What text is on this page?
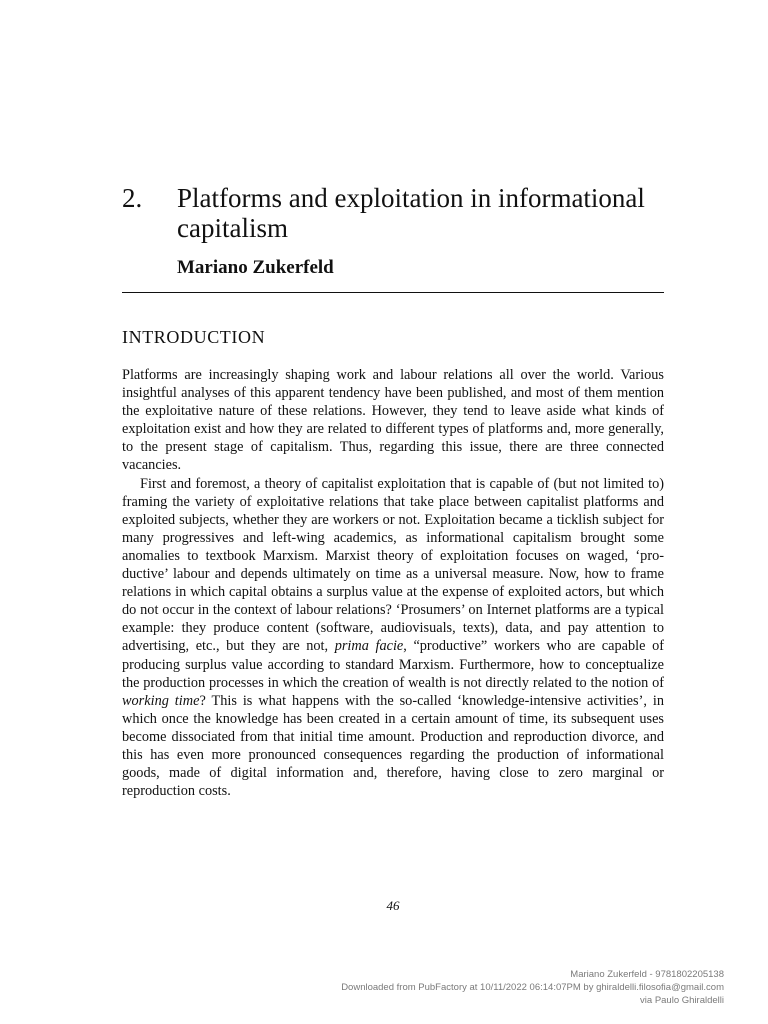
2. Platforms and exploitation in informational capitalism
Mariano Zukerfeld
INTRODUCTION

Platforms are increasingly shaping work and labour relations all over the world. Various insightful analyses of this apparent tendency have been published, and most of them mention the exploitative nature of these relations. However, they tend to leave aside what kinds of exploitation exist and how they are related to different types of platforms and, more generally, to the present stage of capitalism. Thus, regarding this issue, there are three connected vacancies.

First and foremost, a theory of capitalist exploitation that is capable of (but not limited to) framing the variety of exploitative relations that take place between capitalist platforms and exploited subjects, whether they are workers or not. Exploitation became a ticklish subject for many progressives and left-wing academics, as informational capitalism brought some anomalies to textbook Marxism. Marxist theory of exploitation focuses on waged, ‘productive’ labour and depends ultimately on time as a universal measure. Now, how to frame relations in which capital obtains a surplus value at the expense of exploited actors, but which do not occur in the context of labour relations? ‘Prosumers’ on Internet platforms are a typical example: they produce content (software, audiovisuals, texts), data, and pay attention to advertising, etc., but they are not, prima facie, “productive” workers who are capable of producing surplus value according to standard Marxism. Furthermore, how to conceptualize the production processes in which the creation of wealth is not directly related to the notion of working time? This is what happens with the so-called ‘knowledge-intensive activities’, in which once the knowledge has been created in a certain amount of time, its subsequent uses become dissociated from that initial time amount. Production and reproduction divorce, and this has even more pronounced consequences regarding the production of informational goods, made of digital information and, therefore, having close to zero marginal or reproduction costs.

46
Mariano Zukerfeld - 9781802205138
Downloaded from PubFactory at 10/11/2022 06:14:07PM by ghiraldelli.filosofia@gmail.com
via Paulo Ghiraldelli
